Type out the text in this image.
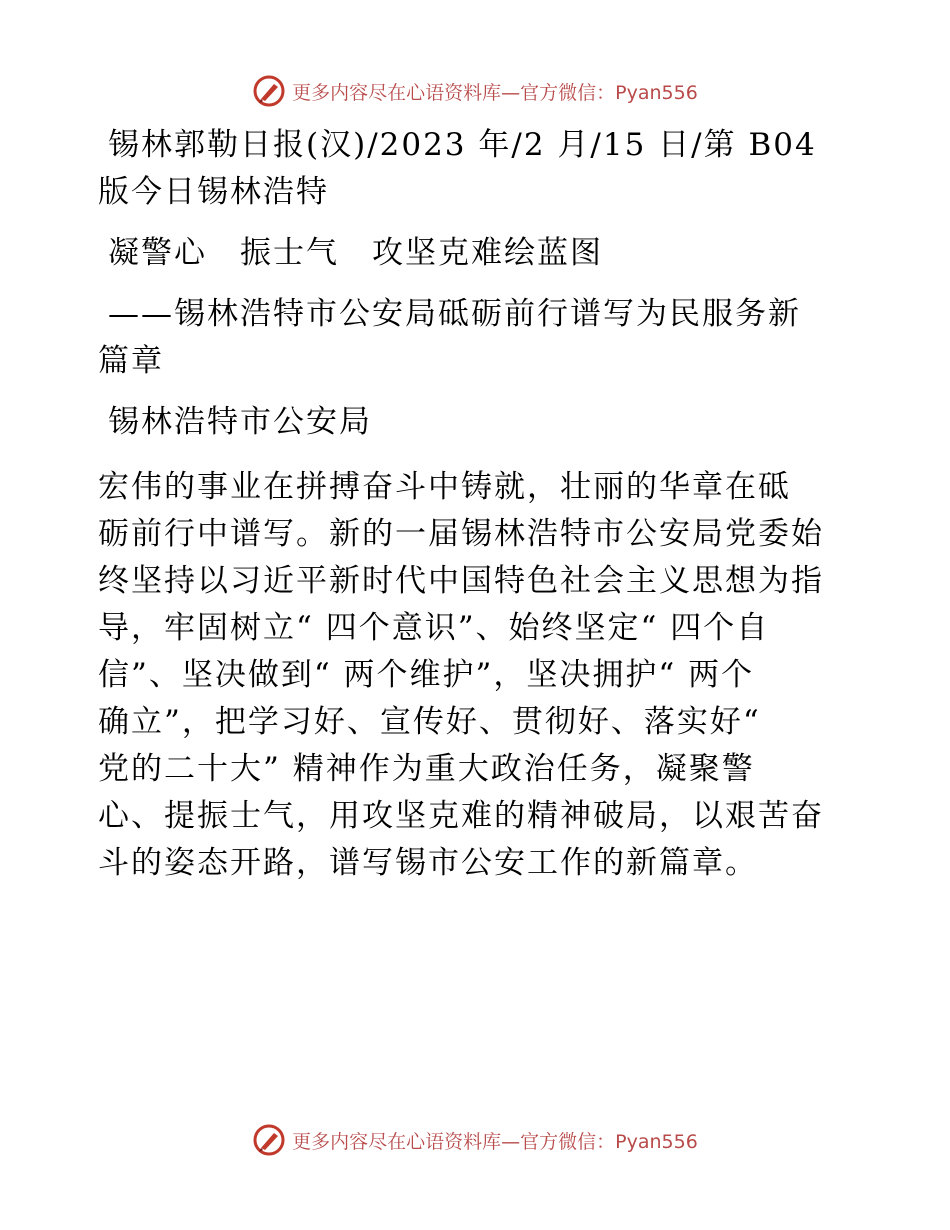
更多内容尽在心语资料库—官方微信：Pyan556
锡林郭勒日报(汉)/2023 年/2 月/15 日/第 B04
版今日锡林浩特
凝警心　振士气　攻坚克难绘蓝图
——锡林浩特市公安局砥砺前行谱写为民服务新
篇章
锡林浩特市公安局
宏伟的事业在拼搏奋斗中铸就，壮丽的华章在砥
砺前行中谱写。新的一届锡林浩特市公安局党委始
终坚持以习近平新时代中国特色社会主义思想为指
导，牢固树立“ 四个意识”、始终坚定“ 四个自
信”、坚决做到“ 两个维护”，坚决拥护“ 两个
确立”，把学习好、宣传好、贯彻好、落实好“
党的二十大” 精神作为重大政治任务，凝聚警
心、提振士气，用攻坚克难的精神破局，以艰苦奋
斗的姿态开路，谱写锡市公安工作的新篇章。
更多内容尽在心语资料库—官方微信：Pyan556
